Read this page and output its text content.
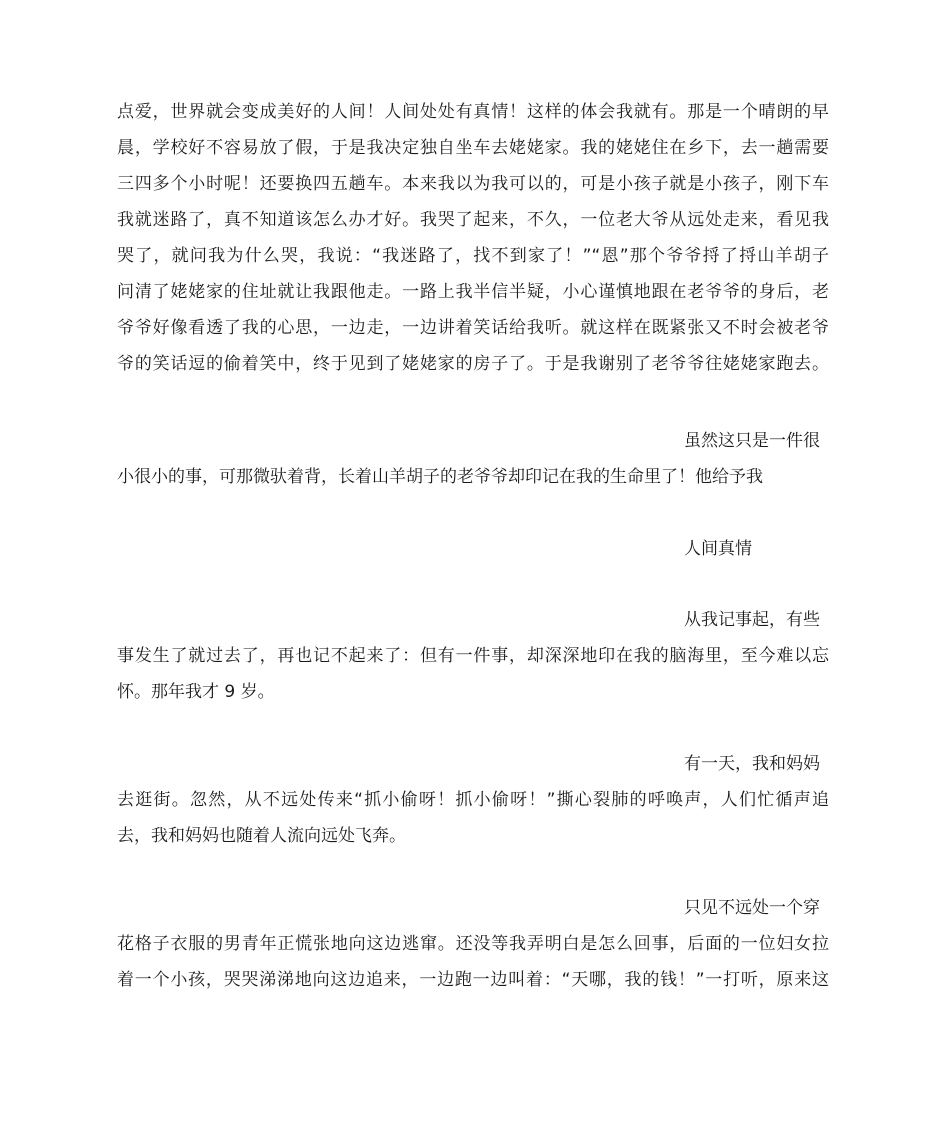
点爱，世界就会变成美好的人间！人间处处有真情！这样的体会我就有。那是一个晴朗的早
晨，学校好不容易放了假，于是我决定独自坐车去姥姥家。我的姥姥住在乡下，去一趟需要
三四多个小时呢！还要换四五趟车。本来我以为我可以的，可是小孩子就是小孩子，刚下车
我就迷路了，真不知道该怎么办才好。我哭了起来，不久，一位老大爷从远处走来，看见我
哭了，就问我为什么哭，我说：“我迷路了，找不到家了！”“恩”那个爷爷捋了捋山羊胡子
问清了姥姥家的住址就让我跟他走。一路上我半信半疑，小心谨慎地跟在老爷爷的身后，老
爷爷好像看透了我的心思，一边走，一边讲着笑话给我听。就这样在既紧张又不时会被老爷
爷的笑话逗的偷着笑中，终于见到了姥姥家的房子了。于是我谢别了老爷爷往姥姥家跑去。
虽然这只是一件很
小很小的事，可那微驮着背，长着山羊胡子的老爷爷却印记在我的生命里了！他给予我
人间真情
从我记事起，有些
事发生了就过去了，再也记不起来了：但有一件事，却深深地印在我的脑海里，至今难以忘
怀。那年我才 9 岁。
有一天，我和妈妈
去逛街。忽然，从不远处传来“抓小偷呀！抓小偷呀！”撕心裂肺的呼唤声，人们忙循声追
去，我和妈妈也随着人流向远处飞奔。
只见不远处一个穿
花格子衣服的男青年正慌张地向这边逃窜。还没等我弄明白是怎么回事，后面的一位妇女拉
着一个小孩，哭哭涕涕地向这边追来，一边跑一边叫着：“天哪，我的钱！”一打听，原来这
